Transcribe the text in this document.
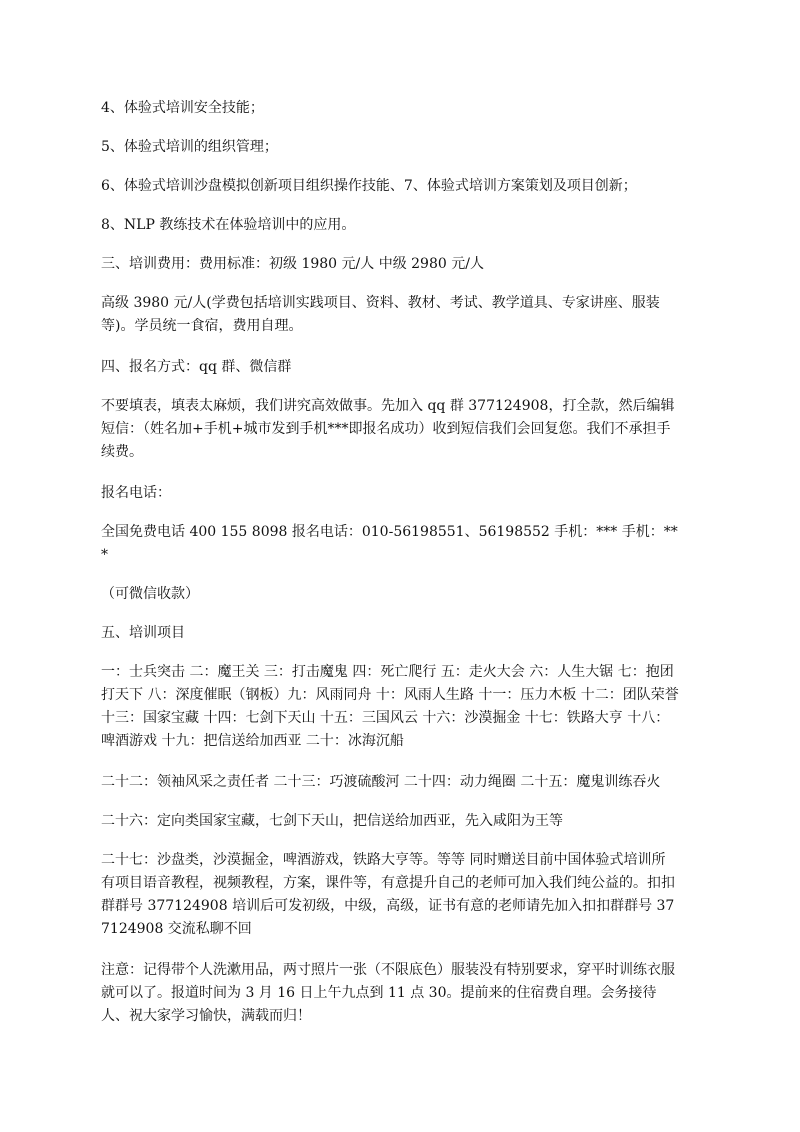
4、体验式培训安全技能；

5、体验式培训的组织管理；

6、体验式培训沙盘模拟创新项目组织操作技能、7、体验式培训方案策划及项目创新；

8、NLP 教练技术在体验培训中的应用。

三、培训费用：费用标准：初级 1980 元/人 中级 2980 元/人

高级 3980 元/人(学费包括培训实践项目、资料、教材、考试、教学道具、专家讲座、服装等)。学员统一食宿，费用自理。

四、报名方式：qq 群、微信群

不要填表，填表太麻烦，我们讲究高效做事。先加入 qq 群 377124908，打全款，然后编辑短信：（姓名加+手机+城市发到手机***即报名成功）收到短信我们会回复您。我们不承担手续费。

报名电话：

全国免费电话 400 155 8098 报名电话：010-56198551、56198552 手机：*** 手机：***

（可微信收款）

五、培训项目

一：士兵突击 二：魔王关 三：打击魔鬼 四：死亡爬行 五：走火大会 六：人生大锯 七：抱团打天下 八：深度催眠（钢板）九：风雨同舟 十：风雨人生路 十一：压力木板 十二：团队荣誉 十三：国家宝藏 十四：七剑下天山 十五：三国风云 十六：沙漠掘金 十七：铁路大亨 十八：啤酒游戏 十九：把信送给加西亚 二十：冰海沉船

二十二：领袖风采之责任者 二十三：巧渡硫酸河 二十四：动力绳圈 二十五：魔鬼训练吞火

二十六：定向类国家宝藏，七剑下天山，把信送给加西亚，先入咸阳为王等

二十七：沙盘类，沙漠掘金，啤酒游戏，铁路大亨等。等等 同时赠送目前中国体验式培训所有项目语音教程，视频教程，方案，课件等，有意提升自己的老师可加入我们纯公益的。扣扣群群号 377124908 培训后可发初级，中级，高级，证书有意的老师请先加入扣扣群群号 377124908 交流私聊不回

注意：记得带个人洗漱用品，两寸照片一张（不限底色）服装没有特别要求，穿平时训练衣服就可以了。报道时间为 3 月 16 日上午九点到 11 点 30。提前来的住宿费自理。会务接待人、祝大家学习愉快，满载而归！
